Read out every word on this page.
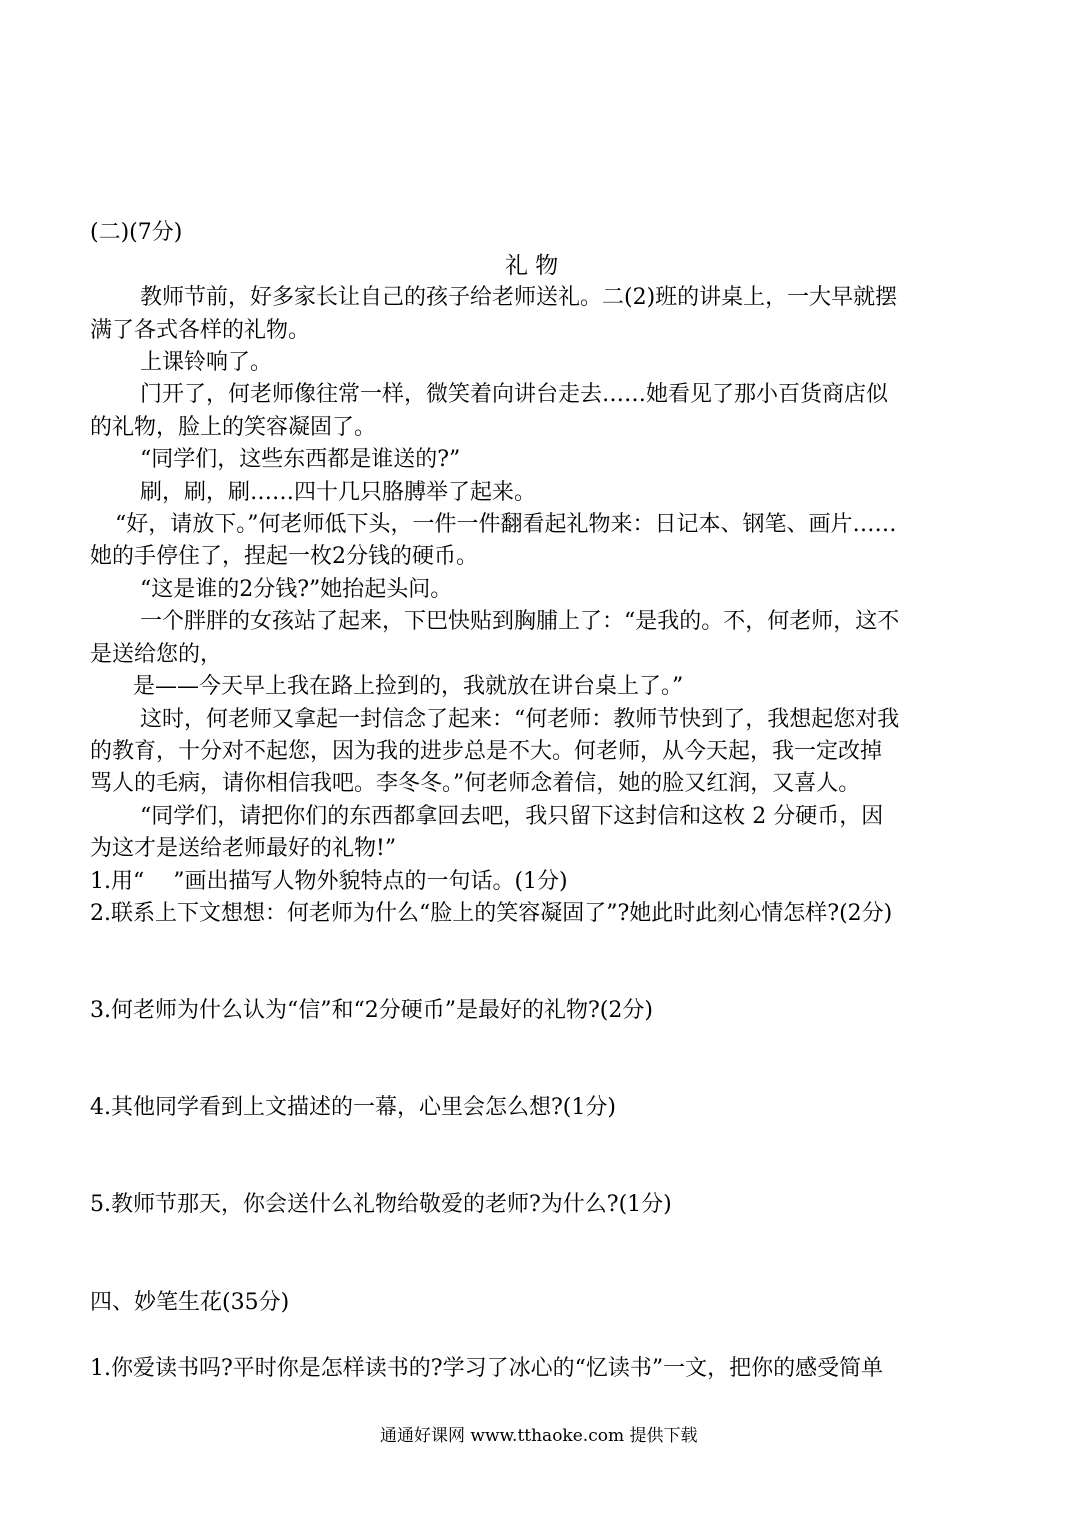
(二)(7分)
礼 物
教师节前，好多家长让自己的孩子给老师送礼。二(2)班的讲桌上，一大早就摆
满了各式各样的礼物。
上课铃响了。
门开了，何老师像往常一样，微笑着向讲台走去……她看见了那小百货商店似
的礼物，脸上的笑容凝固了。
“同学们，这些东西都是谁送的?”
刷，刷，刷……四十几只胳膊举了起来。
“好，请放下。”何老师低下头，一件一件翻看起礼物来：日记本、钢笔、画片……
她的手停住了，捏起一枚2分钱的硬币。
“这是谁的2分钱?”她抬起头问。
一个胖胖的女孩站了起来，下巴快贴到胸脯上了：“是我的。不，何老师，这不
是送给您的，
是——今天早上我在路上捡到的，我就放在讲台桌上了。”
这时，何老师又拿起一封信念了起来：“何老师：教师节快到了，我想起您对我
的教育，十分对不起您，因为我的进步总是不大。何老师，从今天起，我一定改掉
骂人的毛病，请你相信我吧。李冬冬。”何老师念着信，她的脸又红润，又喜人。
“同学们，请把你们的东西都拿回去吧，我只留下这封信和这枚 2 分硬币，因
为这才是送给老师最好的礼物!”
1.用“　 ”画出描写人物外貌特点的一句话。(1分)
2.联系上下文想想：何老师为什么“脸上的笑容凝固了”?她此时此刻心情怎样?(2分)
3.何老师为什么认为“信”和“2分硬币”是最好的礼物?(2分)
4.其他同学看到上文描述的一幕，心里会怎么想?(1分)
5.教师节那天，你会送什么礼物给敬爱的老师?为什么?(1分)
四、妙笔生花(35分)
1.你爱读书吗?平时你是怎样读书的?学习了冰心的“忆读书”一文，把你的感受简单
通通好课网 www.tthaoke.com 提供下载
